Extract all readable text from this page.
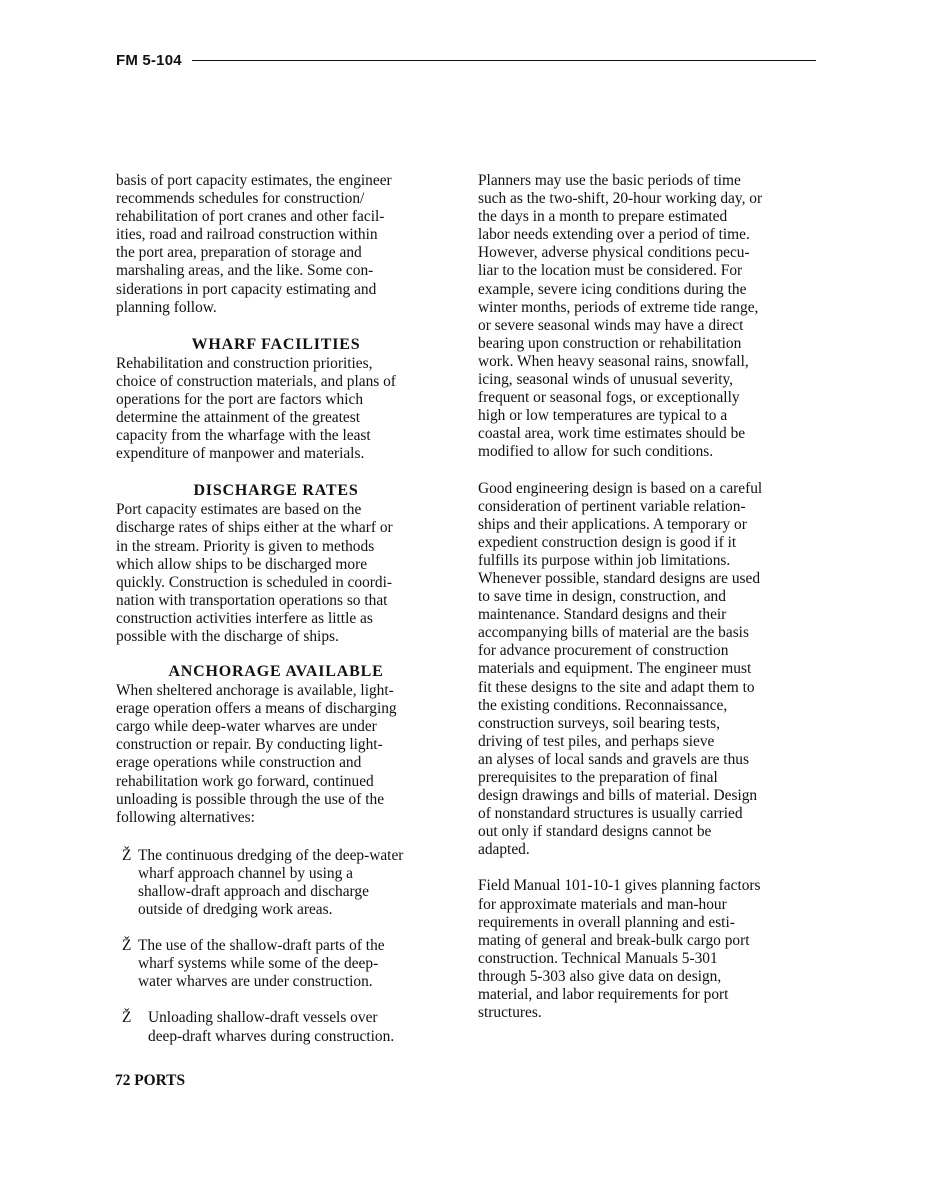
FM 5-104

basis of port capacity estimates, the engineer
recommends schedules for construction/
rehabilitation of port cranes and other facil-
ities, road and railroad construction within
the port area, preparation of storage and
marshaling areas, and the like. Some con-
siderations in port capacity estimating and
planning follow.

WHARF FACILITIES

Rehabilitation and construction priorities,
choice of construction materials, and plans of
operations for the port are factors which
determine the attainment of the greatest
capacity from the wharfage with the least
expenditure of manpower and materials.

DISCHARGE RATES

Port capacity estimates are based on the
discharge rates of ships either at the wharf or
in the stream. Priority is given to methods
which allow ships to be discharged more
quickly. Construction is scheduled in coordi-
nation with transportation operations so that
construction activities interfere as little as
possible with the discharge of ships.

ANCHORAGE AVAILABLE

When sheltered anchorage is available, light-
erage operation offers a means of discharging
cargo while deep-water wharves are under
construction or repair. By conducting light-
erage operations while construction and
rehabilitation work go forward, continued
unloading is possible through the use of the
following alternatives:

Ž The continuous dredging of the deep-water
wharf approach channel by using a
shallow-draft approach and discharge
outside of dredging work areas.

Ž The use of the shallow-draft parts of the
wharf systems while some of the deep-
water wharves are under construction.

Ž	Unloading shallow-draft vessels over
deep-draft wharves during construction.

Planners may use the basic periods of time
such as the two-shift, 20-hour working day, or
the days in a month to prepare estimated
labor needs extending over a period of time.
However, adverse physical conditions pecu-
liar to the location must be considered. For
example, severe icing conditions during the
winter months, periods of extreme tide range,
or severe seasonal winds may have a direct
bearing upon construction or rehabilitation
work. When heavy seasonal rains, snowfall,
icing, seasonal winds of unusual severity,
frequent or seasonal fogs, or exceptionally
high or low temperatures are typical to a
coastal area, work time estimates should be
modified to allow for such conditions.

Good engineering design is based on a careful
consideration of pertinent variable relation-
ships and their applications. A temporary or
expedient construction design is good if it
fulfills its purpose within job limitations.
Whenever possible, standard designs are used
to save time in design, construction, and
maintenance. Standard designs and their
accompanying bills of material are the basis
for advance procurement of construction
materials and equipment. The engineer must
fit these designs to the site and adapt them to
the existing conditions. Reconnaissance,
construction surveys, soil bearing tests,
driving of test piles, and perhaps sieve
an alyses of local sands and gravels are thus
prerequisites to the preparation of final
design drawings and bills of material. Design
of nonstandard structures is usually carried
out only if standard designs cannot be
adapted.

Field Manual 101-10-1 gives planning factors
for approximate materials and man-hour
requirements in overall planning and esti-
mating of general and break-bulk cargo port
construction. Technical Manuals 5-301
through 5-303 also give data on design,
material, and labor requirements for port
structures.

72 PORTS
